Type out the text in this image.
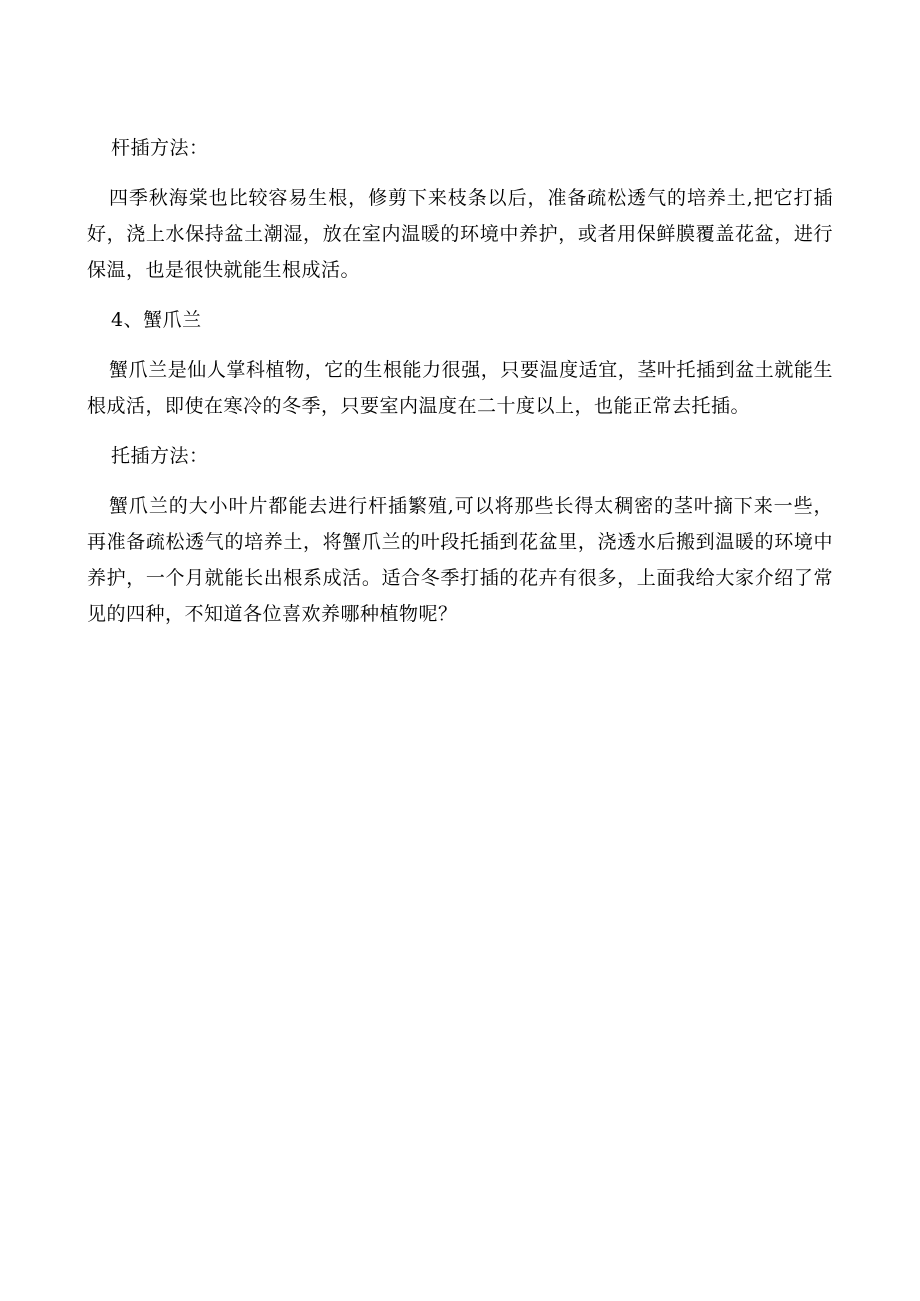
杆插方法：

四季秋海棠也比较容易生根，修剪下来枝条以后，准备疏松透气的培养土,把它打插好，浇上水保持盆土潮湿，放在室内温暖的环境中养护，或者用保鲜膜覆盖花盆，进行保温，也是很快就能生根成活。

4、蟹爪兰

蟹爪兰是仙人掌科植物，它的生根能力很强，只要温度适宜，茎叶托插到盆土就能生根成活，即使在寒冷的冬季，只要室内温度在二十度以上，也能正常去托插。

托插方法：

蟹爪兰的大小叶片都能去进行杆插繁殖,可以将那些长得太稠密的茎叶摘下来一些，再准备疏松透气的培养土，将蟹爪兰的叶段托插到花盆里，浇透水后搬到温暖的环境中养护，一个月就能长出根系成活。适合冬季打插的花卉有很多，上面我给大家介绍了常见的四种，不知道各位喜欢养哪种植物呢？
